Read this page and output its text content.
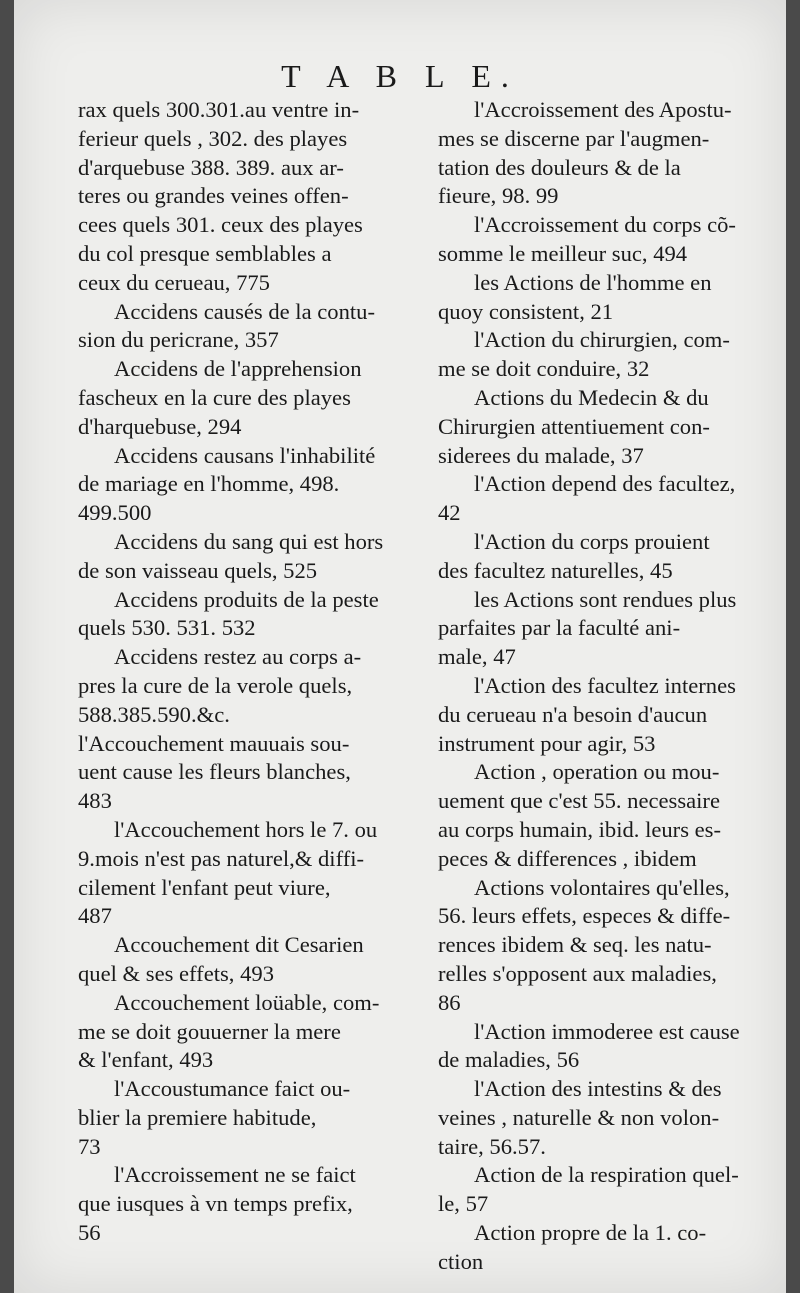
T A B L E.
rax quels 300.301.au ventre in-
ferieur quels , 302. des playes
d'arquebuse 388. 389. aux ar-
teres ou grandes veines offen-
cees quels 301. ceux des playes
du col presque semblables a
ceux du cerueau, 775
Accidens causés de la contu-
sion du pericrane, 357
Accidens de l'apprehension
fascheux en la cure des playes
d'harquebuse, 294
Accidens causans l'inhabilité
de mariage en l'homme, 498.
499.500
Accidens du sang qui est hors
de son vaisseau quels, 525
Accidens produits de la peste
quels 530. 531. 532
Accidens restez au corps a-
pres la cure de la verole quels,
588.385.590.&c.
l'Accouchement mauuais sou-
uent cause les fleurs blanches,
483
l'Accouchement hors le 7. ou
9.mois n'est pas naturel,& diffi-
cilement l'enfant peut viure,
487
Accouchement dit Cesarien
quel & ses effets, 493
Accouchement loüable, com-
me se doit gouuerner la mere
& l'enfant, 493
l'Accoustumance faict ou-
blier la premiere habitude,
73
l'Accroissement ne se faict
que iusques à vn temps prefix,
56
l'Accroissement des Apostu-
mes se discerne par l'augmen-
tation des douleurs & de la
fieure, 98. 99
l'Accroissement du corps cõ-
somme le meilleur suc, 494
les Actions de l'homme en
quoy consistent, 21
l'Action du chirurgien, com-
me se doit conduire, 32
Actions du Medecin & du
Chirurgien attentiuement con-
siderees du malade, 37
l'Action depend des facultez,
42
l'Action du corps prouient
des facultez naturelles, 45
les Actions sont rendues plus
parfaites par la faculté ani-
male, 47
l'Action des facultez internes
du cerueau n'a besoin d'aucun
instrument pour agir, 53
Action , operation ou mou-
uement que c'est 55. necessaire
au corps humain, ibid. leurs es-
peces & differences , ibidem
Actions volontaires qu'elles,
56. leurs effets, especes & diffe-
rences ibidem & seq. les natu-
relles s'opposent aux maladies,
86
l'Action immoderee est cause
de maladies, 56
l'Action des intestins & des
veines , naturelle & non volon-
taire, 56.57.
Action de la respiration quel-
le, 57
Action propre de la 1. co-
ction
